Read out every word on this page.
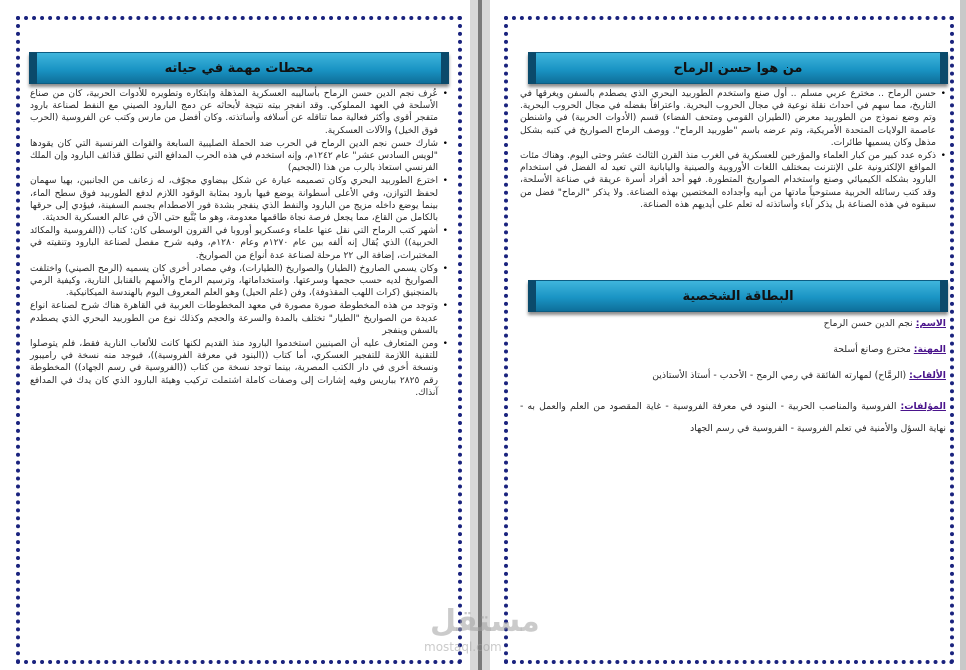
محطات مهمة في حياته

•
عُرف نجم الدين حسن الرماح بأساليبه العسكرية المذهلة وابتكاره وتطويره للأدوات الحربية، كان من صناع الأسلحة في العهد المملوكي. وقد انفجر بيته نتيجة لأبحاثه عن دمج البارود الصيني مع النفط لصناعة بارود متفجر أقوى وأكثر فعالية مما تناقله عن أسلافه وأساتذته. وكان أفضل من مارس وكتب عن الفروسية (الحرب فوق الخيل) والآلات العسكرية.

•
شارك حسن نجم الدين الرماح في الحرب ضد الحملة الصليبية السابعة والقوات الفرنسية التي كان يقودها "لويس السادس عشر" عام ١٢٤٢م، وإنه استخدم في هذه الحرب المدافع التي تطلق قذائف البارود وإن الملك الفرنسي استعاذ بالرب من هذا (الجحيم)

•
اخترع الطوربيد البحري وكان تصميمه عبارة عن شكل بيضاوي مجوّف، له زعانف من الجانبين، بهيا سهمان لحفظ التوازن، وفي الأعلى أسطوانة يوضع فيها بارود بمثابة الوقود اللازم لدفع الطوربيد فوق سطح الماء، بينما يوضع داخله مزيج من البارود والنفط الذي ينفجر بشدة فور الاصطدام بجسم السفينة، فيؤدي إلى حرقها بالكامل من القاع، مما يجعل فرصة نجاة طاقمها معدومة، وهو ما يُتَّبع حتى الآن في عالم العسكرية الحديثة.

•
أشهر كتب الرماح التي نقل عنها علماء وعسكريو أوروبا في القرون الوسطى كان: كتاب ((الفروسية والمكائد الحربية)) الذي يُقال إنه ألفه بين عام ١٢٧٠م وعام ١٢٨٠م، وفيه شرح مفصل لصناعة البارود وتنقيته في المختبرات، إضافة الى ٢٢ مرحلة لصناعة عدة أنواع من الصواريخ.

•
وكان يسمي الصاروخ (الطيار) والصواريخ (الطيارات)، وفي مصادر أخرى كان يسميه (الرمح الصيني) واختلفت الصواريخ لديه حسب حجمها وسرعتها. واستخداماتها، وترسيم الرماح والأسهم بالقنابل النارية، وكيفية الرمي بالمنجنيق (كرات اللهب المقذوفة)، وفن (علم الحيل) وهو العلم المعروف اليوم بالهندسة الميكانيكية.

•
وتوجد من هذه المخطوطة صورة مصورة في معهد المخطوطات العربية في القاهرة هناك شرح لصناعة انواع عديدة من الصواريخ "الطيار" تختلف بالمدة والسرعة والحجم وكذلك نوع من الطوربيد البحري الذي يصطدم بالسفن وينفجر

•
ومن المتعارف عليه أن الصينيين استخدموا البارود منذ القديم لكنها كانت للألعاب النارية فقط، فلم يتوصلوا للتقنية اللازمة للتفجير العسكري، أما كتاب ((البنود في معرفة الفروسية))، فيوجد منه نسخة في راميبور ونسخة أخرى في دار الكتب المصرية، بينما توجد نسخة من كتاب ((الفروسية في رسم الجهاد)) المخطوطة رقم ٢٨٢٥ بباريس وفيه إشارات إلى وصفات كاملة اشتملت تركيب وهيئة البارود الذي كان يدك في المدافع آنذاك.

من هوا حسن الرماح

•
حسن الرماح .. مخترع عربي مسلم .. أول صنع واستخدم الطوربيد البحري الذي يصطدم بالسفن ويغرقها في التاريخ، مما سهم في احداث نقلة نوعية في مجال الحروب البحرية. واعترافاً بفضله في مجال الحروب البحرية. وتم وضع نموذج من الطوربيد معرض (الطيران القومي ومتحف الفضاء) قسم (الأدوات الحربية) في واشنطن عاصمة الولايات المتحدة الأمريكية، وتم عرضه باسم "طوربيد الرماح". ووصف الرماح الصواريخ في كتبه بشكل مذهل وكان يسميها طائرات.

•
ذكره عدد كبير من كبار العلماء والمؤرخين للعسكرية في الغرب منذ القرن الثالث عشر وحتى اليوم. وهناك مئات المواقع الإلكترونية على الإنترنت بمختلف اللغات الأوروبية والصينية واليابانية التي تعيد له الفضل في استخدام البارود بشكله الكيميائي وصنع واستخدام الصواريخ المتطورة. فهو أحد أفراد أسرة عريقة في صناعة الأسلحة، وقد كتب رسائله الحربية مستوحياً مادتها من أبيه وأجداده المختصين بهذه الصناعة. ولا يذكر "الرماح" فضل من سبقوه في هذه الصناعة بل يذكر آباء وأساتذته له تعلم على أيديهم هذه الصناعة.

البطاقة الشخصية

الاسم: نجم الدين حسن الرماح

المهنة: مخترع وصانع أسلحة

الألقاب: (الرمَّاح) لمهارته الفائقة في رمي الرمح - الأحدب - أستاذ الأستاذين

المؤلفات: الفروسية والمناصب الحربية - البنود في معرفة الفروسية - غاية المقصود من العلم والعمل به - نهاية السؤل والأمنية في تعلم الفروسية - الفروسية في رسم الجهاد

مستقل
mostaql.com
